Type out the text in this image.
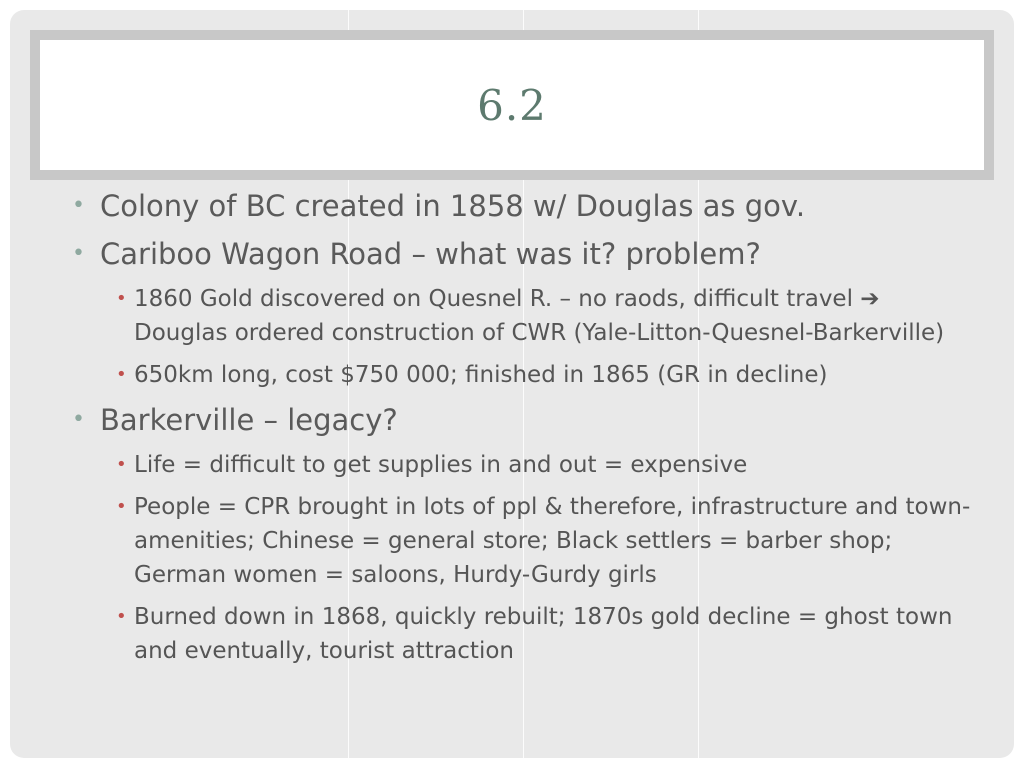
6.2
• Colony of BC created in 1858 w/ Douglas as gov.
• Cariboo Wagon Road – what was it? problem?
• 1860 Gold discovered on Quesnel R. – no raods, difficult travel ➔ Douglas ordered construction of CWR (Yale-Litton-Quesnel-Barkerville)
• 650km long, cost $750 000; finished in 1865 (GR in decline)
• Barkerville – legacy?
• Life = difficult to get supplies in and out = expensive
• People = CPR brought in lots of ppl & therefore, infrastructure and town-amenities; Chinese = general store; Black settlers = barber shop; German women = saloons, Hurdy-Gurdy girls
• Burned down in 1868, quickly rebuilt; 1870s gold decline = ghost town and eventually, tourist attraction
